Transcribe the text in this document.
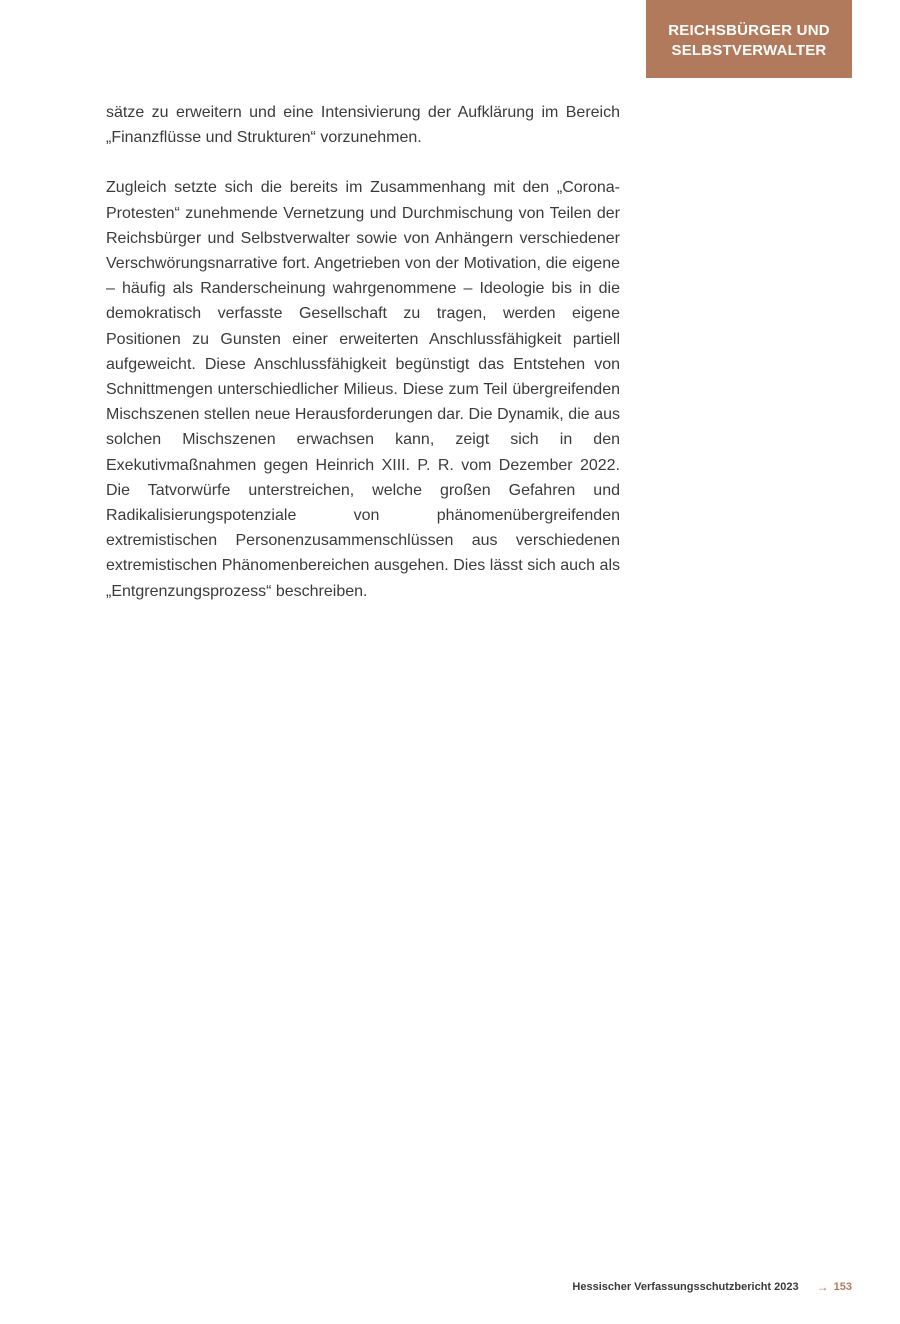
REICHSBÜRGER UND
SELBSTVERWALTER

sätze zu erweitern und eine Intensivierung der Aufklärung im Bereich „Finanzflüsse und Strukturen“ vorzunehmen.

Zugleich setzte sich die bereits im Zusammenhang mit den „Corona-Protesten“ zunehmende Vernetzung und Durchmischung von Teilen der Reichsbürger und Selbstverwalter sowie von Anhängern verschiedener Verschwörungsnarrative fort. Angetrieben von der Motivation, die eigene – häufig als Randerscheinung wahrgenommene – Ideologie bis in die demokratisch verfasste Gesellschaft zu tragen, werden eigene Positionen zu Gunsten einer erweiterten Anschlussfähigkeit partiell aufgeweicht. Diese Anschlussfähigkeit begünstigt das Entstehen von Schnittmengen unterschiedlicher Milieus. Diese zum Teil übergreifenden Mischszenen stellen neue Herausforderungen dar. Die Dynamik, die aus solchen Mischszenen erwachsen kann, zeigt sich in den Exekutivmaßnahmen gegen Heinrich XIII. P. R. vom Dezember 2022. Die Tatvorwürfe unterstreichen, welche großen Gefahren und Radikalisierungspotenziale von phänomenübergreifenden extremistischen Personenzusammenschlüssen aus verschiedenen extremistischen Phänomenbereichen ausgehen. Dies lässt sich auch als „Entgrenzungsprozess“ beschreiben.

Hessischer Verfassungsschutzbericht 2023 → 153
